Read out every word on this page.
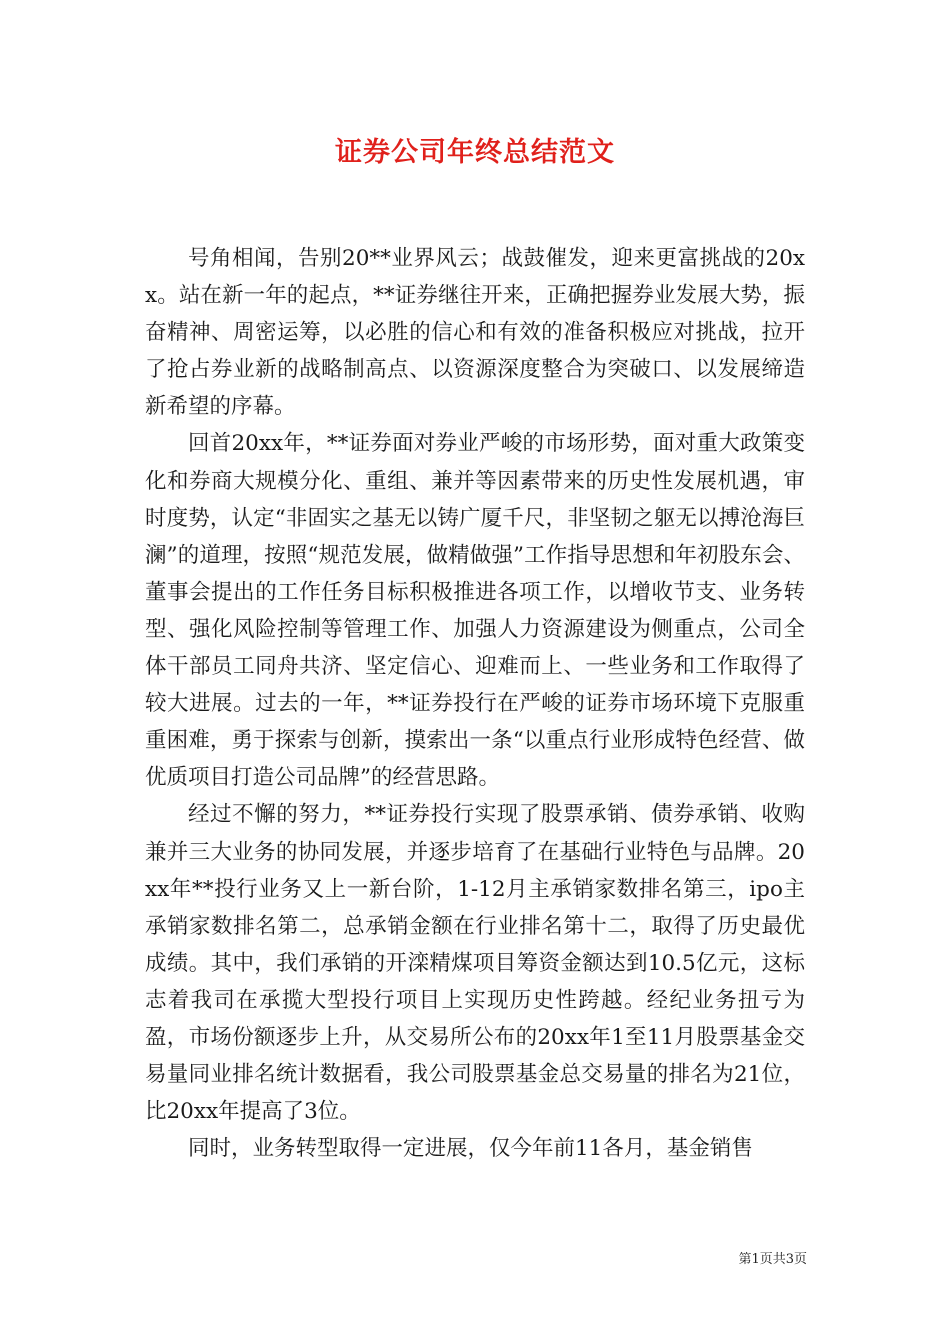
证券公司年终总结范文

号角相闻，告别20**业界风云；战鼓催发，迎来更富挑战的20xx。站在新一年的起点，**证券继往开来，正确把握券业发展大势，振奋精神、周密运筹，以必胜的信心和有效的准备积极应对挑战，拉开了抢占券业新的战略制高点、以资源深度整合为突破口、以发展缔造新希望的序幕。

回首20xx年，**证券面对券业严峻的市场形势，面对重大政策变化和券商大规模分化、重组、兼并等因素带来的历史性发展机遇，审时度势，认定“非固实之基无以铸广厦千尺，非坚韧之躯无以搏沧海巨澜”的道理，按照“规范发展，做精做强”工作指导思想和年初股东会、董事会提出的工作任务目标积极推进各项工作，以增收节支、业务转型、强化风险控制等管理工作、加强人力资源建设为侧重点，公司全体干部员工同舟共济、坚定信心、迎难而上、一些业务和工作取得了较大进展。过去的一年，**证券投行在严峻的证券市场环境下克服重重困难，勇于探索与创新，摸索出一条“以重点行业形成特色经营、做优质项目打造公司品牌”的经营思路。

经过不懈的努力，**证券投行实现了股票承销、债券承销、收购兼并三大业务的协同发展，并逐步培育了在基础行业特色与品牌。20xx年**投行业务又上一新台阶，1-12月主承销家数排名第三，ipo主承销家数排名第二，总承销金额在行业排名第十二，取得了历史最优成绩。其中，我们承销的开滦精煤项目筹资金额达到10.5亿元，这标志着我司在承揽大型投行项目上实现历史性跨越。经纪业务扭亏为盈，市场份额逐步上升，从交易所公布的20xx年1至11月股票基金交易量同业排名统计数据看，我公司股票基金总交易量的排名为21位，比20xx年提高了3位。

同时，业务转型取得一定进展，仅今年前11各月，基金销售

第1页共3页
